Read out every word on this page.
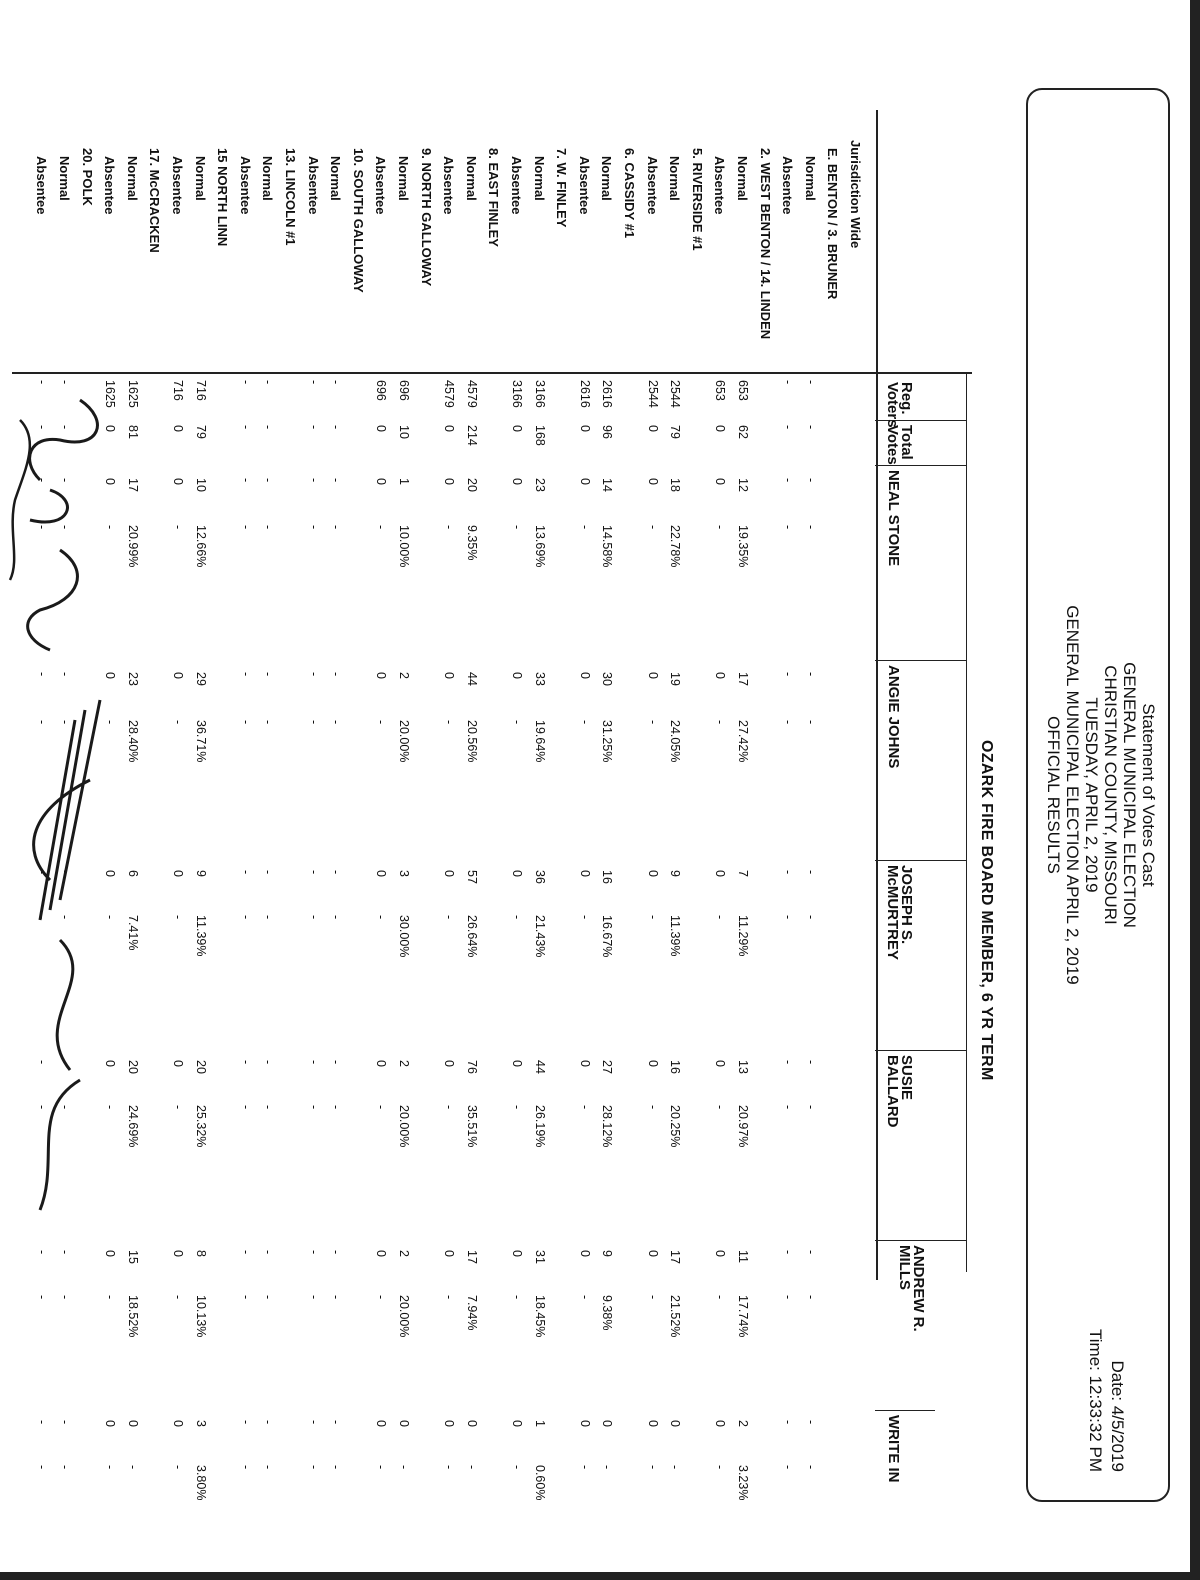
Statement of Votes Cast
GENERAL MUNICIPAL ELECTION
CHRISTIAN COUNTY, MISSOURI
TUESDAY, APRIL 2, 2019
GENERAL MUNICIPAL ELECTION APRIL 2, 2019
OFFICIAL RESULTS
Date: 4/5/2019
Time: 12:33:32 PM
OZARK FIRE BOARD MEMBER, 6 YR TERM
Reg.
Voters
Total
Votes
NEAL STONE
ANGIE JOHNS
JOSEPH S.
McMURTREY
SUSIE
BALLARD
ANDREW R.
MILLS
WRITE IN
Jurisdiction Wide
E. BENTON / 3. BRUNER
Normal
-
-
-
-
-
-
-
-
-
-
-
-
-
-
Absentee
-
-
-
-
-
-
-
-
-
-
-
-
-
-
2. WEST BENTON / 14. LINDEN
Normal
653
62
12
19.35%
17
27.42%
7
11.29%
13
20.97%
11
17.74%
2
3.23%
Absentee
653
0
0
-
0
-
0
-
0
-
0
-
0
-
5. RIVERSIDE #1
Normal
2544
79
18
22.78%
19
24.05%
9
11.39%
16
20.25%
17
21.52%
0
-
Absentee
2544
0
0
-
0
-
0
-
0
-
0
-
0
-
6. CASSIDY #1
Normal
2616
96
14
14.58%
30
31.25%
16
16.67%
27
28.12%
9
9.38%
0
-
Absentee
2616
0
0
-
0
-
0
-
0
-
0
-
0
-
7. W. FINLEY
Normal
3166
168
23
13.69%
33
19.64%
36
21.43%
44
26.19%
31
18.45%
1
0.60%
Absentee
3166
0
0
-
0
-
0
-
0
-
0
-
0
-
8. EAST FINLEY
Normal
4579
214
20
9.35%
44
20.56%
57
26.64%
76
35.51%
17
7.94%
0
-
Absentee
4579
0
0
-
0
-
0
-
0
-
0
-
0
-
9. NORTH GALLOWAY
Normal
696
10
1
10.00%
2
20.00%
3
30.00%
2
20.00%
2
20.00%
0
-
Absentee
696
0
0
-
0
-
0
-
0
-
0
-
0
-
10. SOUTH GALLOWAY
Normal
-
-
-
-
-
-
-
-
-
-
-
-
-
-
Absentee
-
-
-
-
-
-
-
-
-
-
-
-
-
-
13. LINCOLN #1
Normal
-
-
-
-
-
-
-
-
-
-
-
-
-
-
Absentee
-
-
-
-
-
-
-
-
-
-
-
-
-
-
15 NORTH LINN
Normal
716
79
10
12.66%
29
36.71%
9
11.39%
20
25.32%
8
10.13%
3
3.80%
Absentee
716
0
0
-
0
-
0
-
0
-
0
-
0
-
17. McCRACKEN
Normal
1625
81
17
20.99%
23
28.40%
6
7.41%
20
24.69%
15
18.52%
0
-
Absentee
1625
0
0
-
0
-
0
-
0
-
0
-
0
-
20. POLK
Normal
-
-
-
-
-
-
-
-
-
-
-
-
-
-
Absentee
-
-
-
-
-
-
-
-
-
-
-
-
-
-
